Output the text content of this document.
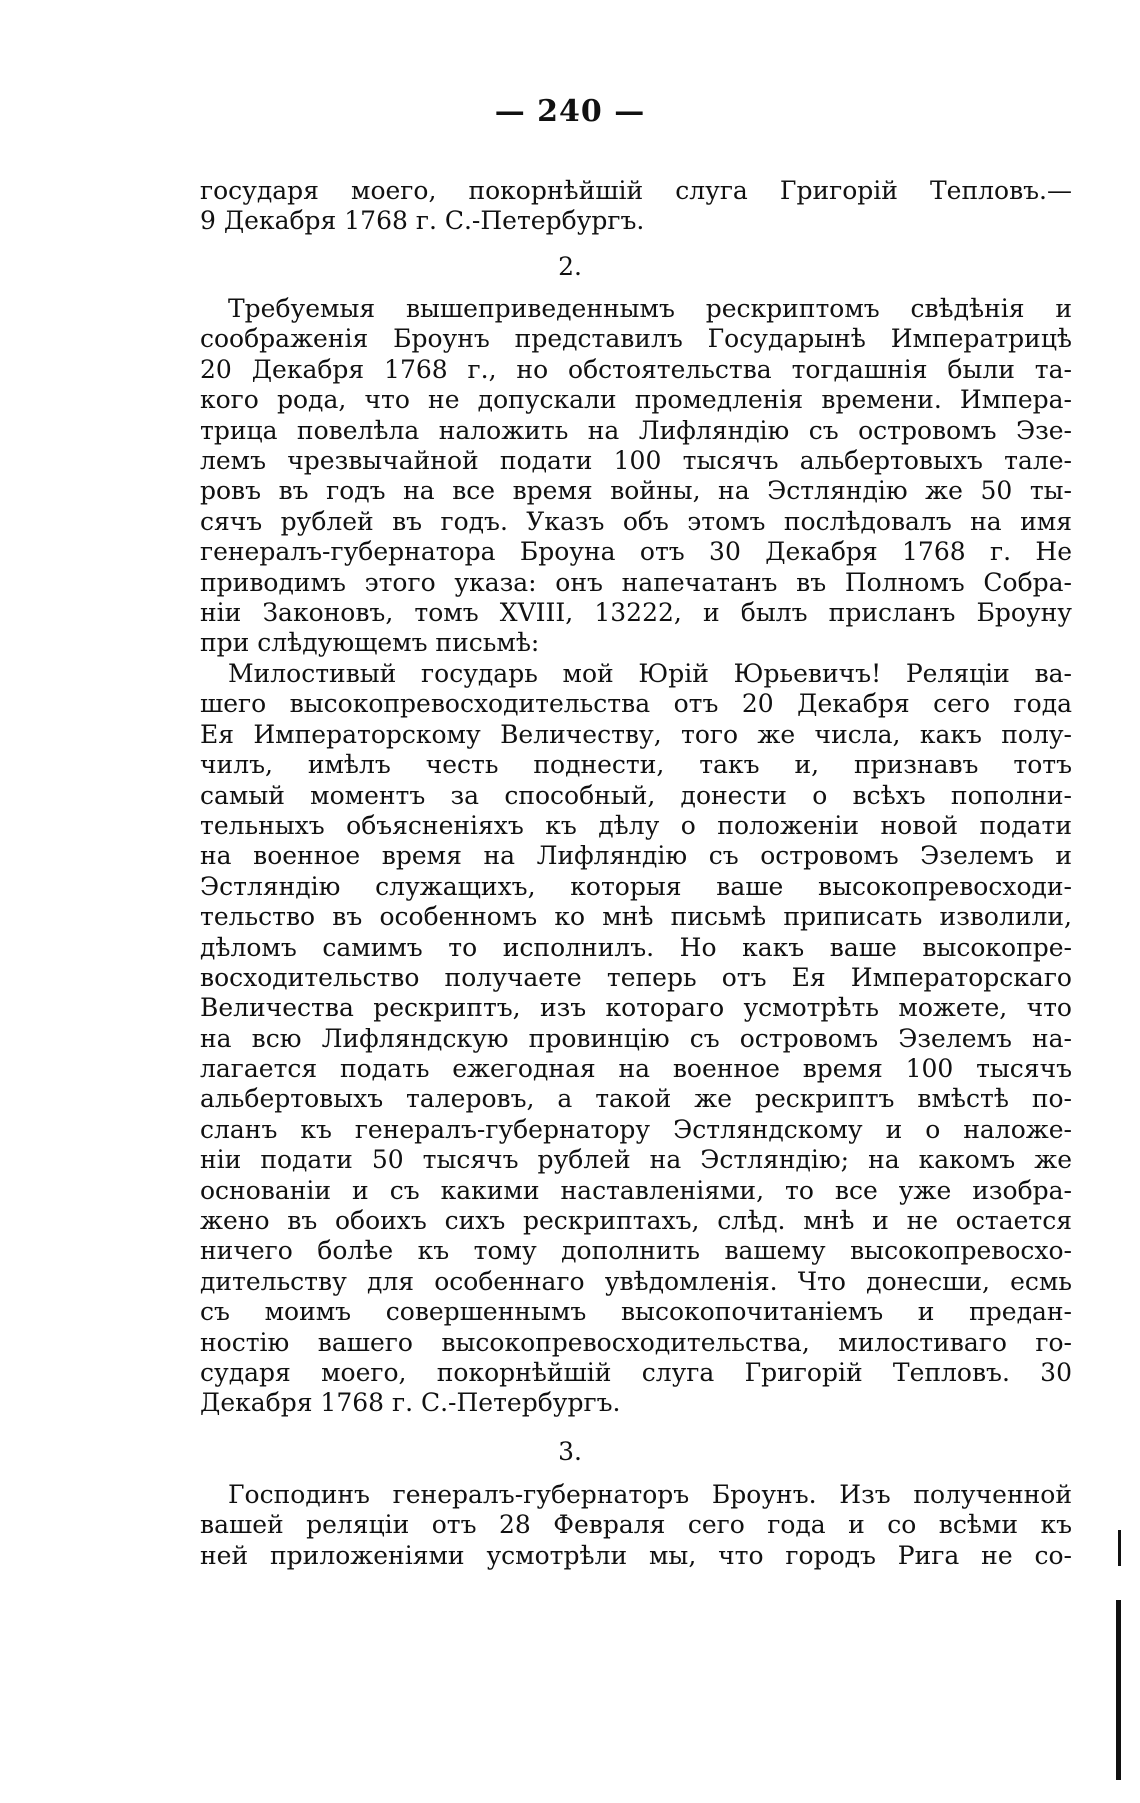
— 240 —
государя моего, покорнѣйшій слуга Григорій Тепловъ.—
9 Декабря 1768 г. С.-Петербургъ.
2.
Требуемыя вышеприведеннымъ рескриптомъ свѣдѣнія и
соображенія Броунъ представилъ Государынѣ Императрицѣ
20 Декабря 1768 г., но обстоятельства тогдашнія были та-
кого рода, что не допускали промедленія времени. Импера-
трица повелѣла наложить на Лифляндію съ островомъ Эзе-
лемъ чрезвычайной подати 100 тысячъ альбертовыхъ тале-
ровъ въ годъ на все время войны, на Эстляндію же 50 ты-
сячъ рублей въ годъ. Указъ объ этомъ послѣдовалъ на имя
генералъ-губернатора Броуна отъ 30 Декабря 1768 г. Не
приводимъ этого указа: онъ напечатанъ въ Полномъ Собра-
ніи Законовъ, томъ XVIII, 13222, и былъ присланъ Броуну
при слѣдующемъ письмѣ:
Милостивый государь мой Юрій Юрьевичъ! Реляціи ва-
шего высокопревосходительства отъ 20 Декабря сего года
Ея Императорскому Величеству, того же числа, какъ полу-
чилъ, имѣлъ честь поднести, такъ и, признавъ тотъ
самый моментъ за способный, донести о всѣхъ пополни-
тельныхъ объясненіяхъ къ дѣлу о положеніи новой подати
на военное время на Лифляндію съ островомъ Эзелемъ и
Эстляндію служащихъ, которыя ваше высокопревосходи-
тельство въ особенномъ ко мнѣ письмѣ приписать изволили,
дѣломъ самимъ то исполнилъ. Но какъ ваше высокопре-
восходительство получаете теперь отъ Ея Императорскаго
Величества рескриптъ, изъ котораго усмотрѣть можете, что
на всю Лифляндскую провинцію съ островомъ Эзелемъ на-
лагается подать ежегодная на военное время 100 тысячъ
альбертовыхъ талеровъ, а такой же рескриптъ вмѣстѣ по-
сланъ къ генералъ-губернатору Эстляндскому и о наложе-
ніи подати 50 тысячъ рублей на Эстляндію; на какомъ же
основаніи и съ какими наставленіями, то все уже изобра-
жено въ обоихъ сихъ рескриптахъ, слѣд. мнѣ и не остается
ничего болѣе къ тому дополнить вашему высокопревосхо-
дительству для особеннаго увѣдомленія. Что донесши, есмь
съ моимъ совершеннымъ высокопочитаніемъ и предан-
ностію вашего высокопревосходительства, милостиваго го-
сударя моего, покорнѣйшій слуга Григорій Тепловъ. 30
Декабря 1768 г. С.-Петербургъ.
3.
Господинъ генералъ-губернаторъ Броунъ. Изъ полученной
вашей реляціи отъ 28 Февраля сего года и со всѣми къ
ней приложеніями усмотрѣли мы, что городъ Рига не со-
